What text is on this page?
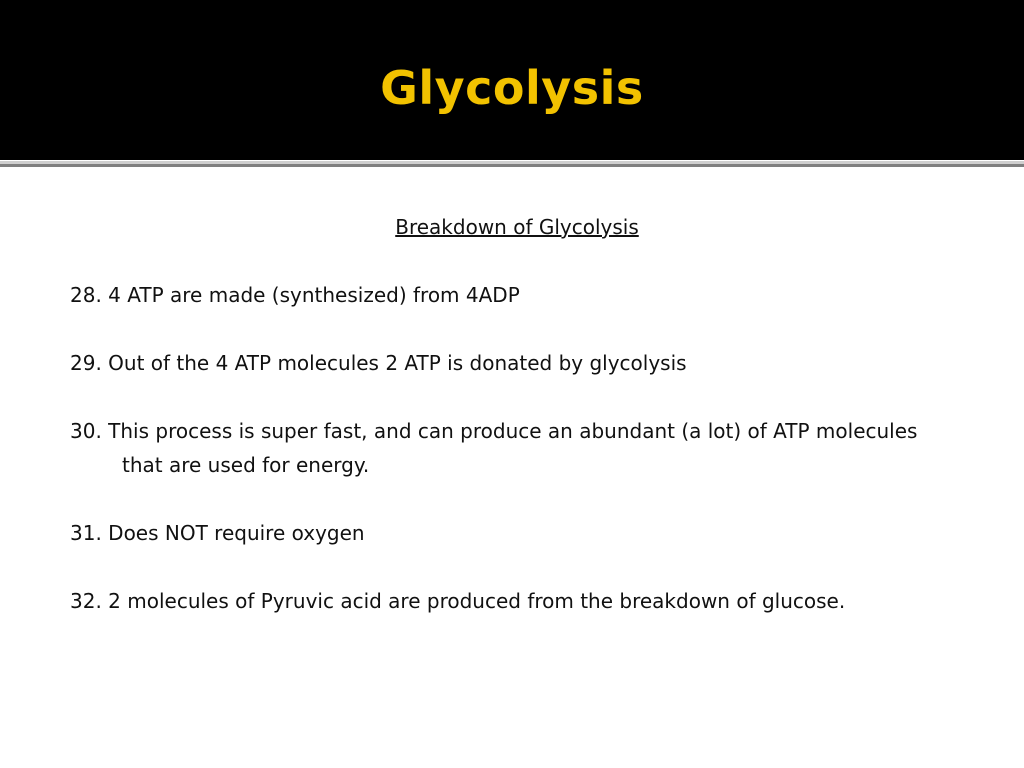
Glycolysis
Breakdown of Glycolysis
28. 4 ATP are made (synthesized) from 4ADP
29. Out of the 4 ATP molecules 2 ATP is donated by glycolysis
30. This process is super fast, and can produce an abundant (a lot) of ATP molecules that are used for energy.
31. Does NOT require oxygen
32. 2 molecules of Pyruvic acid are produced from the breakdown of glucose.
